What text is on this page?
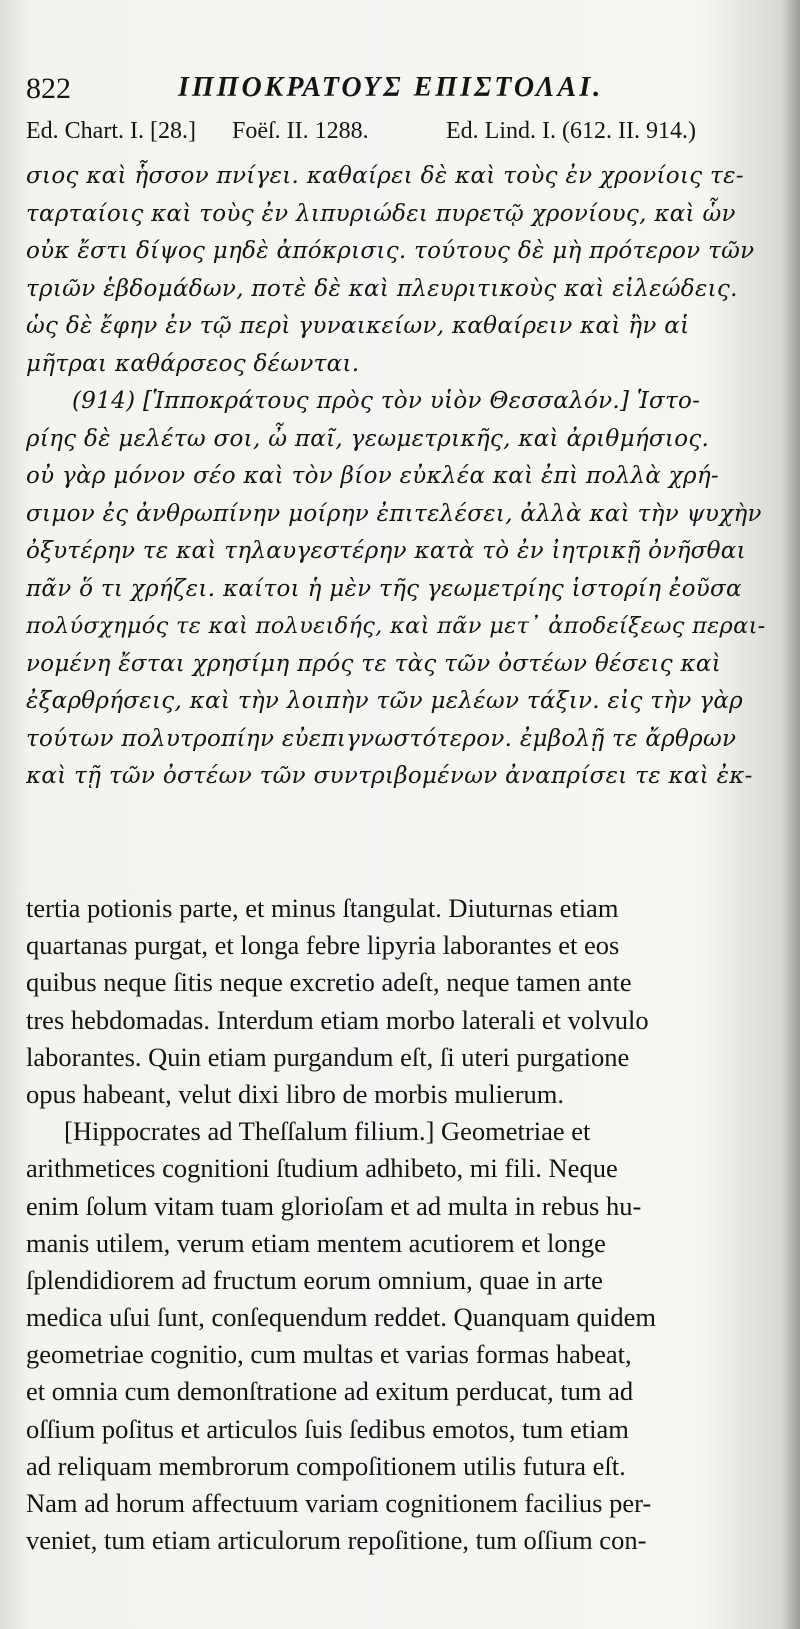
822	ΙΠΠΟΚΡΑΤΟΥΣ ΕΠΙΣΤΟΛΑΙ.
Ed. Chart. I. [28.] Foëſ. II. 1288.	Ed. Lind. I. (612. II. 914.)
σιος καὶ ἧσσον πνίγει. καθαίρει δὲ καὶ τοὺς ἐν χρονίοις τε-
ταρταίοις καὶ τοὺς ἐν λιπυριώδει πυρετῷ χρονίους, καὶ ὧν
οὐκ ἔστι δίψος μηδὲ ἀπόκρισις. τούτους δὲ μὴ πρότερον τῶν
τριῶν ἑβδομάδων, ποτὲ δὲ καὶ πλευριτικοὺς καὶ εἰλεώδεις.
ὡς δὲ ἔφην ἐν τῷ περὶ γυναικείων, καθαίρειν καὶ ἢν αἱ
μῆτραι καθάρσεος δέωνται.
(914) [Ἱπποκράτους πρὸς τὸν υἱὸν Θεσσαλόν.] Ἱστο-
ρίης δὲ μελέτω σοι, ὦ παῖ, γεωμετρικῆς, καὶ ἀριθμήσιος.
οὐ γὰρ μόνον σέο καὶ τὸν βίον εὐκλέα καὶ ἐπὶ πολλὰ χρή-
σιμον ἐς ἀνθρωπίνην μοίρην ἐπιτελέσει, ἀλλὰ καὶ τὴν ψυχὴν
ὀξυτέρην τε καὶ τηλαυγεστέρην κατὰ τὸ ἐν ἰητρικῇ ὀνῆσθαι
πᾶν ὅ τι χρήζει. καίτοι ἡ μὲν τῆς γεωμετρίης ἱστορίη ἐοῦσα
πολύσχημός τε καὶ πολυειδής, καὶ πᾶν μετ᾽ ἀποδείξεως περαι-
νομένη ἔσται χρησίμη πρός τε τὰς τῶν ὀστέων θέσεις καὶ
ἐξαρθρήσεις, καὶ τὴν λοιπὴν τῶν μελέων τάξιν. εἰς τὴν γὰρ
τούτων πολυτροπίην εὐεπιγνωστότερον. ἐμβολῇ τε ἄρθρων
καὶ τῇ τῶν ὀστέων τῶν συντριβομένων ἀναπρίσει τε καὶ ἐκ-
tertia potionis parte, et minus ſtangulat. Diuturnas etiam
quartanas purgat, et longa febre lipyria laborantes et eos
quibus neque ſitis neque excretio adeſt, neque tamen ante
tres hebdomadas. Interdum etiam morbo laterali et volvulo
laborantes. Quin etiam purgandum eſt, ſi uteri purgatione
opus habeant, velut dixi libro de morbis mulierum.
[Hippocrates ad Theſſalum filium.] Geometriae et
arithmetices cognitioni ſtudium adhibeto, mi fili. Neque
enim ſolum vitam tuam glorioſam et ad multa in rebus hu-
manis utilem, verum etiam mentem acutiorem et longe
ſplendidiorem ad fructum eorum omnium, quae in arte
medica uſui ſunt, conſequendum reddet. Quanquam quidem
geometriae cognitio, cum multas et varias formas habeat,
et omnia cum demonſtratione ad exitum perducat, tum ad
oſſium poſitus et articulos ſuis ſedibus emotos, tum etiam
ad reliquam membrorum compoſitionem utilis futura eſt.
Nam ad horum affectuum variam cognitionem facilius per-
veniet, tum etiam articulorum repoſitione, tum oſſium con-
